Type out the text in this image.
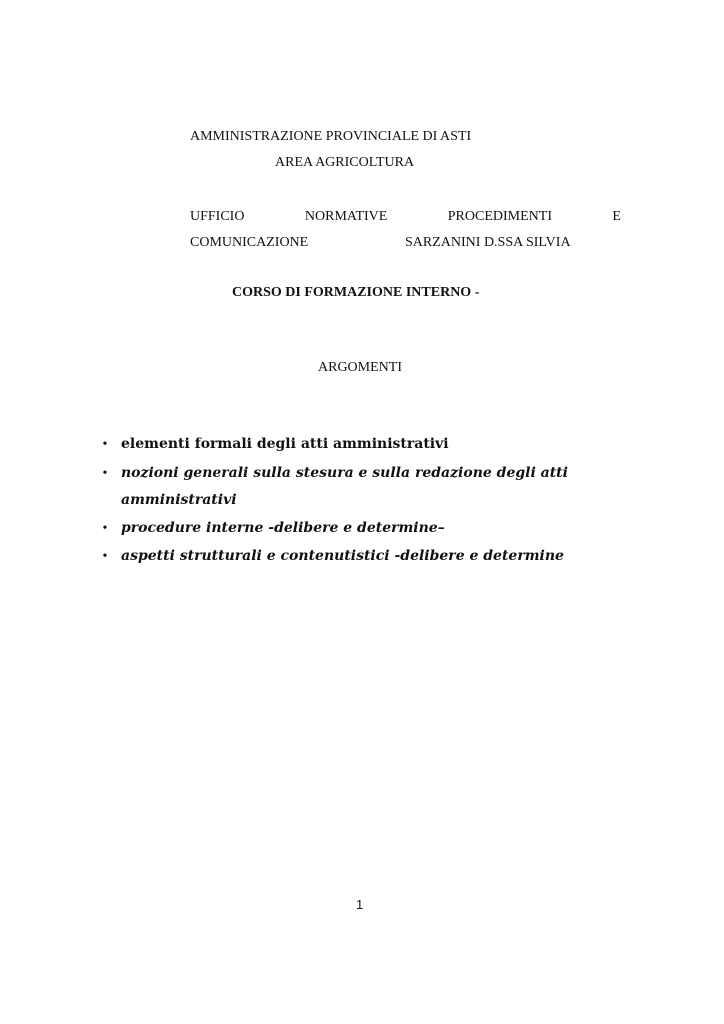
AMMINISTRAZIONE PROVINCIALE DI ASTI
AREA AGRICOLTURA
UFFICIO	NORMATIVE	PROCEDIMENTI	E
COMUNICAZIONE	SARZANINI D.SSA SILVIA
CORSO DI FORMAZIONE INTERNO -
ARGOMENTI
• elementi formali degli atti amministrativi
• nozioni generali sulla stesura e sulla redazione degli atti amministrativi
• procedure interne -delibere e determine–
• aspetti strutturali e contenutistici -delibere e determine
1
